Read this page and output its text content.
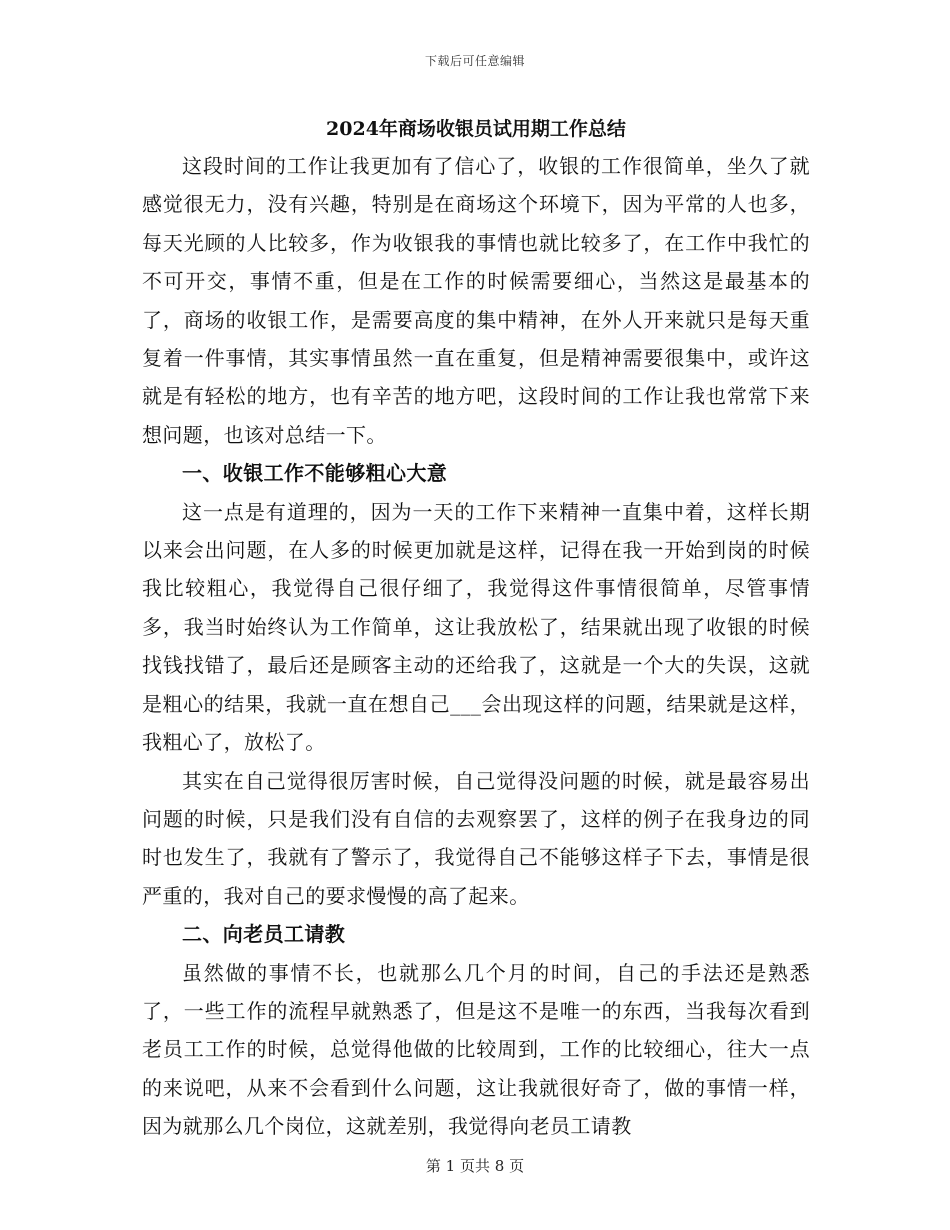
下载后可任意编辑
2024年商场收银员试用期工作总结

这段时间的工作让我更加有了信心了，收银的工作很简单，坐久了就感觉很无力，没有兴趣，特别是在商场这个环境下，因为平常的人也多，每天光顾的人比较多，作为收银我的事情也就比较多了，在工作中我忙的不可开交，事情不重，但是在工作的时候需要细心，当然这是最基本的了，商场的收银工作，是需要高度的集中精神，在外人开来就只是每天重复着一件事情，其实事情虽然一直在重复，但是精神需要很集中，或许这就是有轻松的地方，也有辛苦的地方吧，这段时间的工作让我也常常下来想问题，也该对总结一下。

一、收银工作不能够粗心大意

这一点是有道理的，因为一天的工作下来精神一直集中着，这样长期以来会出问题，在人多的时候更加就是这样，记得在我一开始到岗的时候我比较粗心，我觉得自己很仔细了，我觉得这件事情很简单，尽管事情多，我当时始终认为工作简单，这让我放松了，结果就出现了收银的时候找钱找错了，最后还是顾客主动的还给我了，这就是一个大的失误，这就是粗心的结果，我就一直在想自己___会出现这样的问题，结果就是这样，我粗心了，放松了。

其实在自己觉得很厉害时候，自己觉得没问题的时候，就是最容易出问题的时候，只是我们没有自信的去观察罢了，这样的例子在我身边的同时也发生了，我就有了警示了，我觉得自己不能够这样子下去，事情是很严重的，我对自己的要求慢慢的高了起来。

二、向老员工请教

虽然做的事情不长，也就那么几个月的时间，自己的手法还是熟悉了，一些工作的流程早就熟悉了，但是这不是唯一的东西，当我每次看到老员工工作的时候，总觉得他做的比较周到，工作的比较细心，往大一点的来说吧，从来不会看到什么问题，这让我就很好奇了，做的事情一样，因为就那么几个岗位，这就差别，我觉得向老员工请教

第 1 页共 8 页
